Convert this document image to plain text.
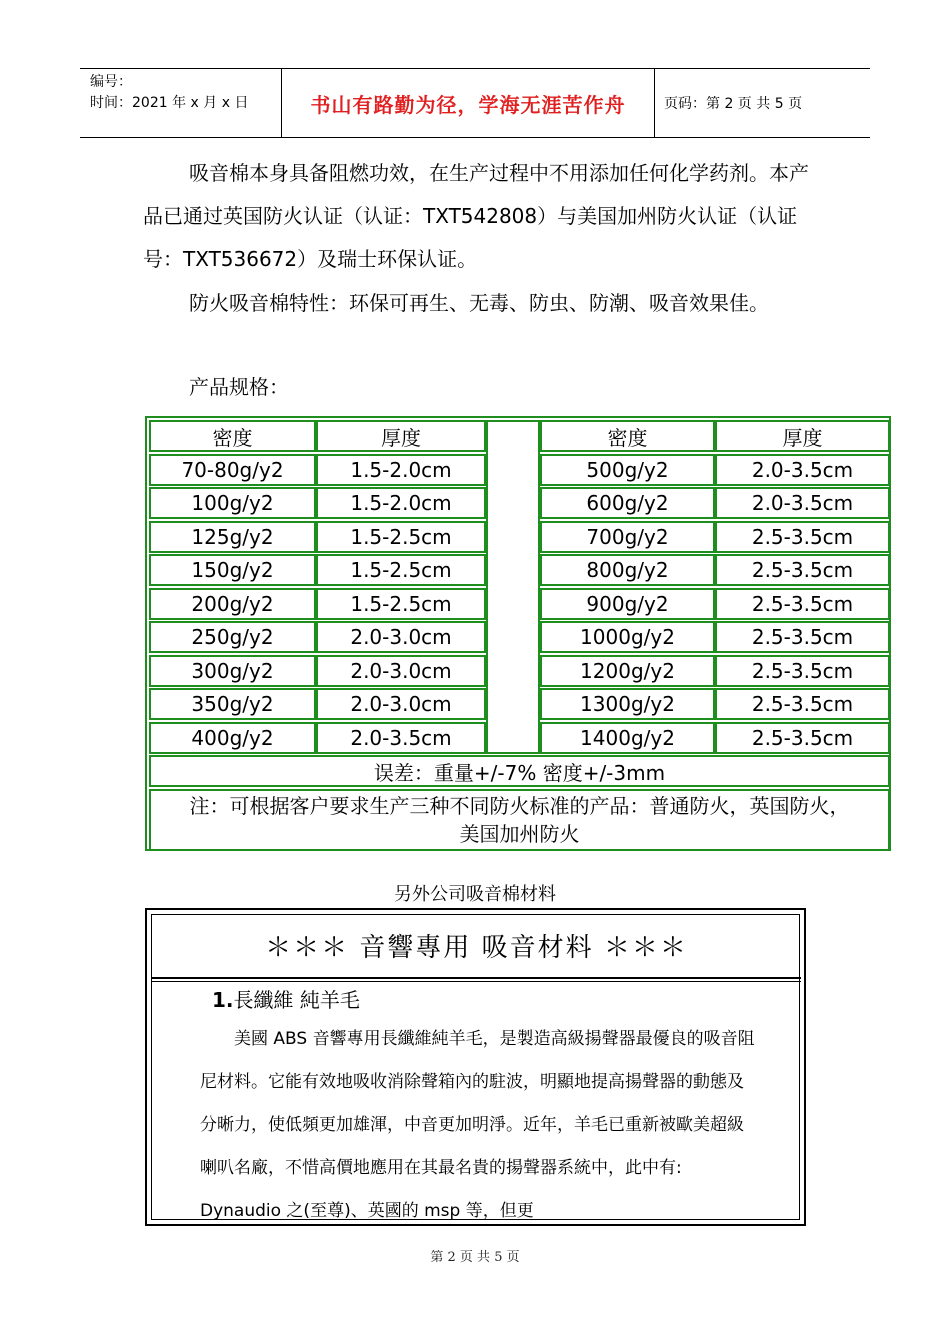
编号：
时间：2021 年 x 月 x 日	书山有路勤为径，学海无涯苦作舟	页码：第 2 页 共 5 页
吸音棉本身具备阻燃功效，在生产过程中不用添加任何化学药剂。本产品已通过英国防火认证（认证：TXT542808）与美国加州防火认证（认证号：TXT536672）及瑞士环保认证。
防火吸音棉特性：环保可再生、无毒、防虫、防潮、吸音效果佳。
产品规格：
密度	厚度	密度	厚度
70-80g/y2	1.5-2.0cm	500g/y2	2.0-3.5cm
100g/y2	1.5-2.0cm	600g/y2	2.0-3.5cm
125g/y2	1.5-2.5cm	700g/y2	2.5-3.5cm
150g/y2	1.5-2.5cm	800g/y2	2.5-3.5cm
200g/y2	1.5-2.5cm	900g/y2	2.5-3.5cm
250g/y2	2.0-3.0cm	1000g/y2	2.5-3.5cm
300g/y2	2.0-3.0cm	1200g/y2	2.5-3.5cm
350g/y2	2.0-3.0cm	1300g/y2	2.5-3.5cm
400g/y2	2.0-3.5cm	1400g/y2	2.5-3.5cm
误差：重量+/-7% 密度+/-3mm
注：可根据客户要求生产三种不同防火标准的产品：普通防火，英国防火，
美国加州防火
另外公司吸音棉材料
＊＊＊ 音響專用 吸音材料 ＊＊＊
1.長纖維 純羊毛
美國 ABS 音響專用長纖維純羊毛，是製造高級揚聲器最優良的吸音阻尼材料。它能有效地吸收消除聲箱內的駐波，明顯地提高揚聲器的動態及分晰力，使低頻更加雄渾，中音更加明淨。近年，羊毛已重新被歐美超級喇叭名廠，不惜高價地應用在其最名貴的揚聲器系統中，此中有: Dynaudio 之(至尊)、英國的 msp 等，但更
第 2 页 共 5 页
